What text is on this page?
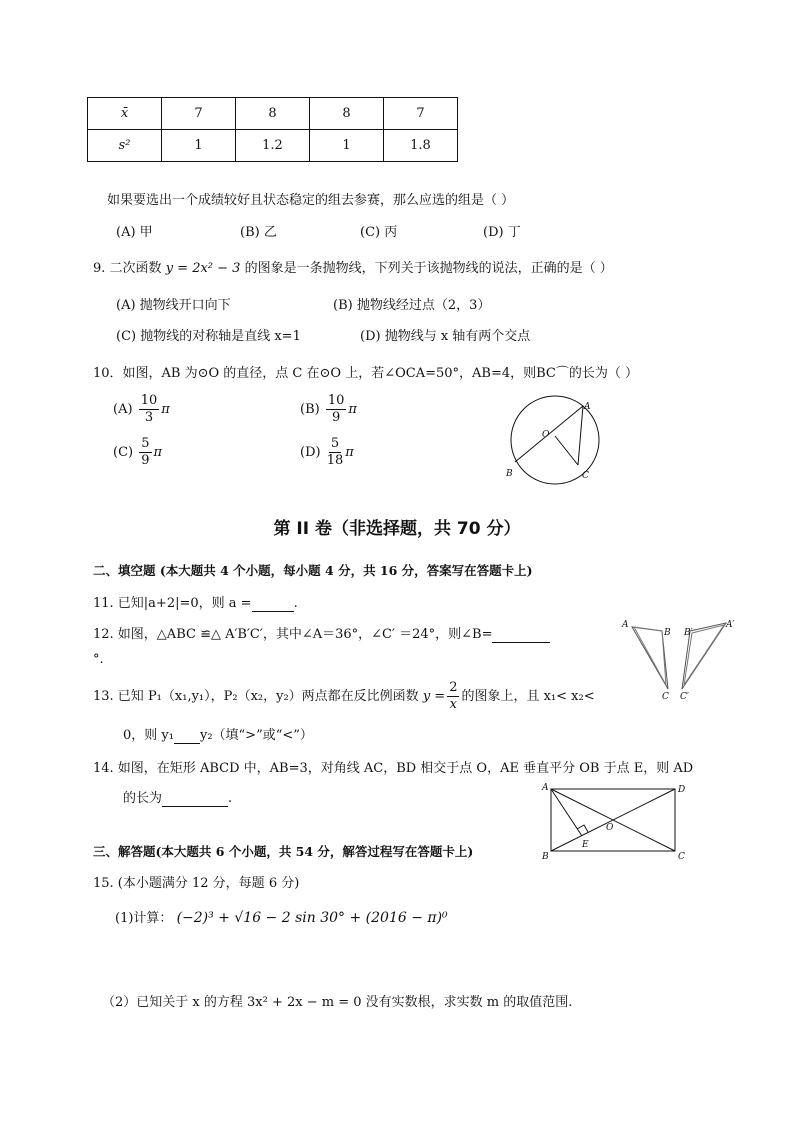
x̄	7	8	8	7
s²	1	1.2	1	1.8
如果要选出一个成绩较好且状态稳定的组去参赛，那么应选的组是（ ）
(A) 甲	(B) 乙	(C) 丙	(D) 丁
9. 二次函数 y = 2x² − 3 的图象是一条抛物线，下列关于该抛物线的说法，正确的是（ ）
(A) 抛物线开口向下	(B) 抛物线经过点（2，3）
(C) 抛物线的对称轴是直线 x=1	(D) 抛物线与 x 轴有两个交点
10．如图，AB 为⊙O 的直径，点 C 在⊙O 上，若∠OCA=50°，AB=4，则BC⌒的长为（ ）
$(A) \frac{10}{3}$ π	$(B) \frac{10}{9}$ π
$(C) \frac{5}{9}$ π	$(D) \frac{5}{18}$ π
A
O
B	C
第 II 卷（非选择题，共 70 分）
二、填空题 (本大题共 4 个小题，每小题 4 分，共 16 分，答案写在答题卡上)
11. 已知|a+2|=0，则 a =	.
12. 如图，△ABC ≌△ A′B′C′，其中∠A＝36°，∠C′ ＝24°，则∠B=
°.
A
B
C
B′
A′
C′
13. 已知 P₁（x₁,y₁），P₂（x₂，y₂）两点都在反比例函数 $y = \frac{2}{x}$ 的图象上，且 x₁< x₂<
0，则 y₁ y₂（填“>”或“<”）
14. 如图，在矩形 ABCD 中，AB=3，对角线 AC，BD 相交于点 O，AE 垂直平分 OB 于点 E，则 AD
的长为	.
A	D
B	C
O
E
三、解答题(本大题共 6 个小题，共 54 分，解答过程写在答题卡上)
15. (本小题满分 12 分，每题 6 分)
(1)计算： (−2)³ + √16 − 2 sin 30° + (2016 − π)⁰
（2）已知关于 x 的方程 3x² + 2x − m = 0 没有实数根，求实数 m 的取值范围.
